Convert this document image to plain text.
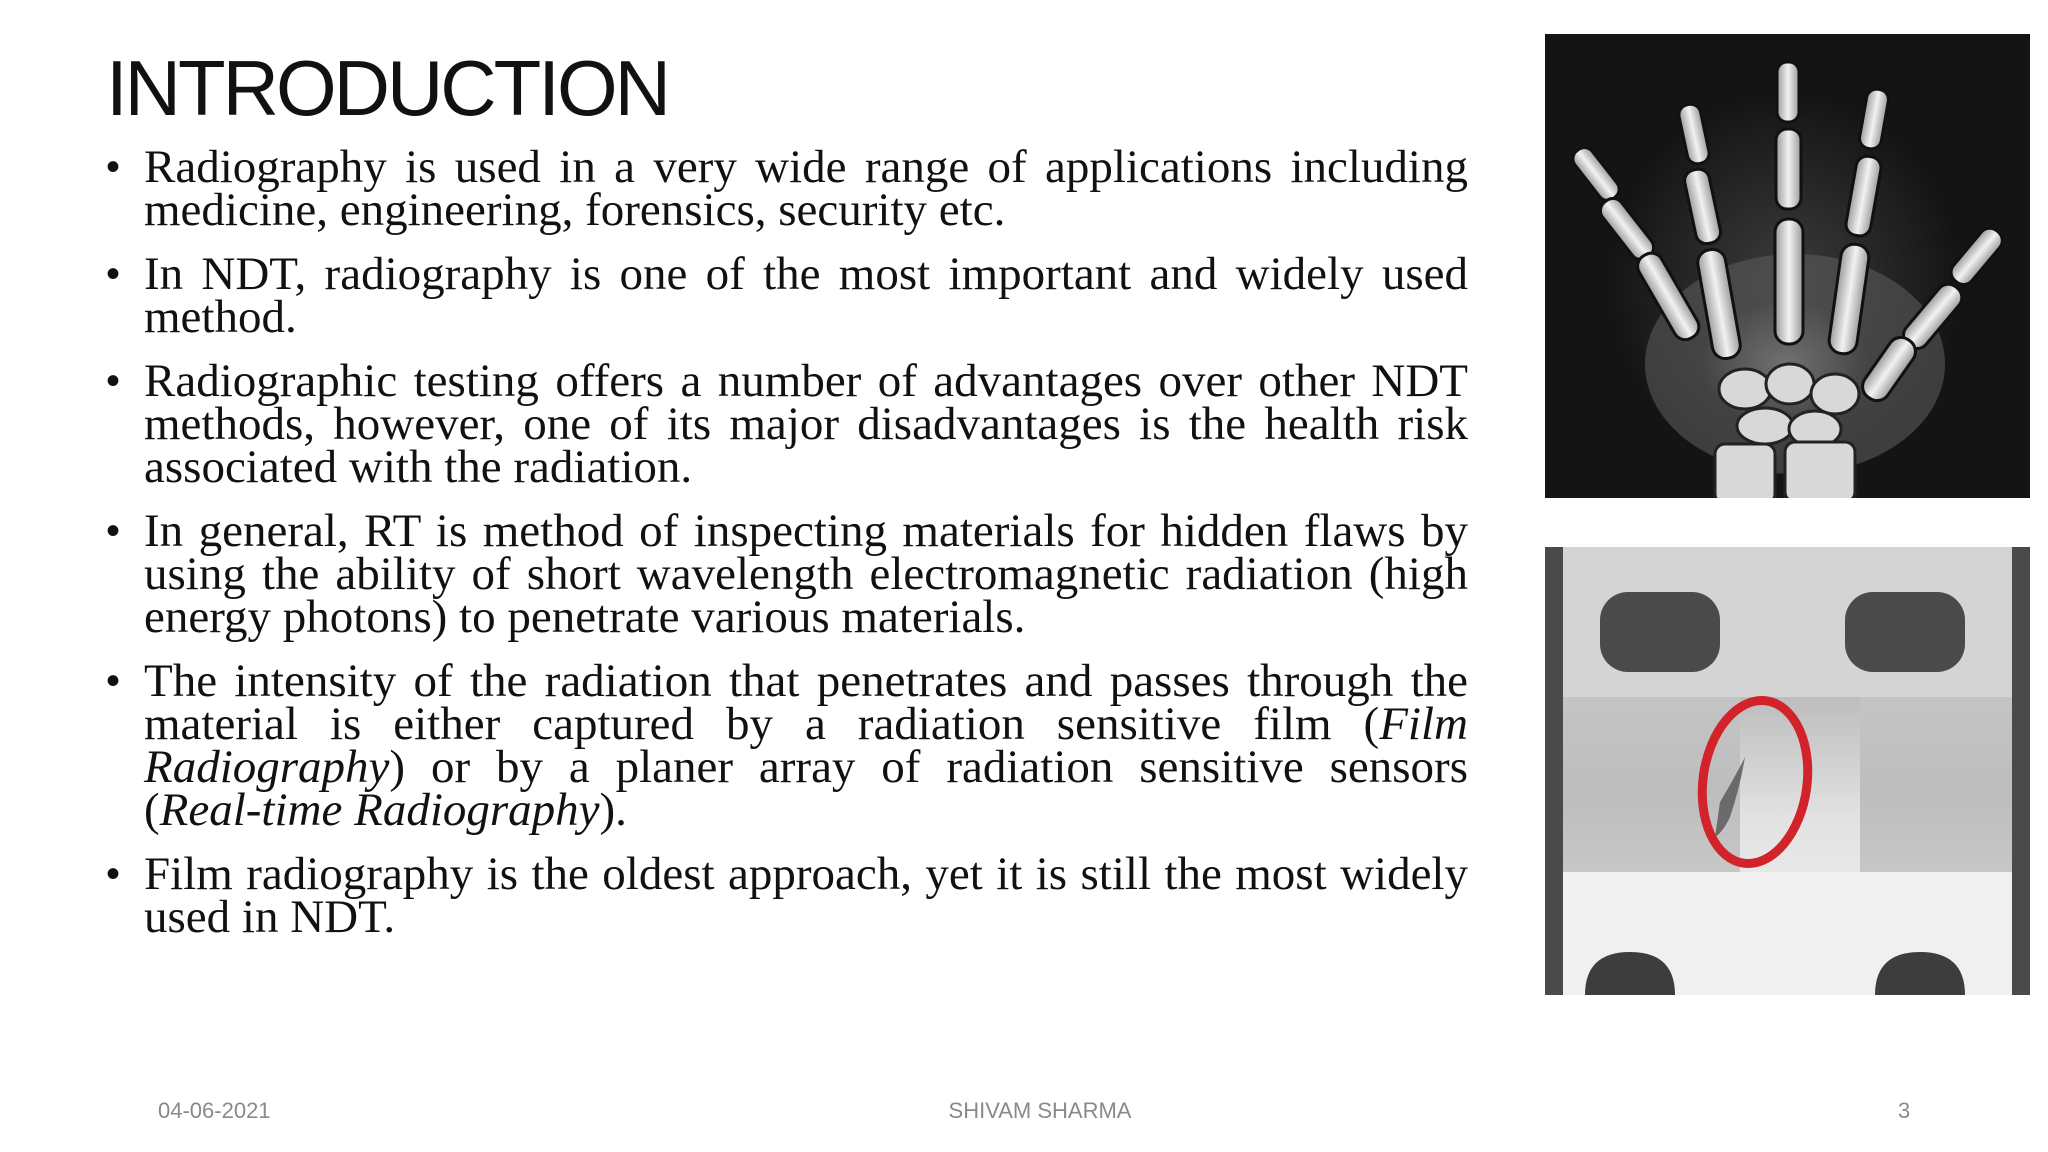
INTRODUCTION
• Radiography is used in a very wide range of applications including medicine, engineering, forensics, security etc.
• In NDT, radiography is one of the most important and widely used method.
• Radiographic testing offers a number of advantages over other NDT methods, however, one of its major disadvantages is the health risk associated with the radiation.
• In general, RT is method of inspecting materials for hidden flaws by using the ability of short wavelength electromagnetic radiation (high energy photons) to penetrate various materials.
• The intensity of the radiation that penetrates and passes through the material is either captured by a radiation sensitive film (Film Radiography) or by a planer array of radiation sensitive sensors (Real-time Radiography).
• Film radiography is the oldest approach, yet it is still the most widely used in NDT.
04-06-2021	SHIVAM SHARMA	3
